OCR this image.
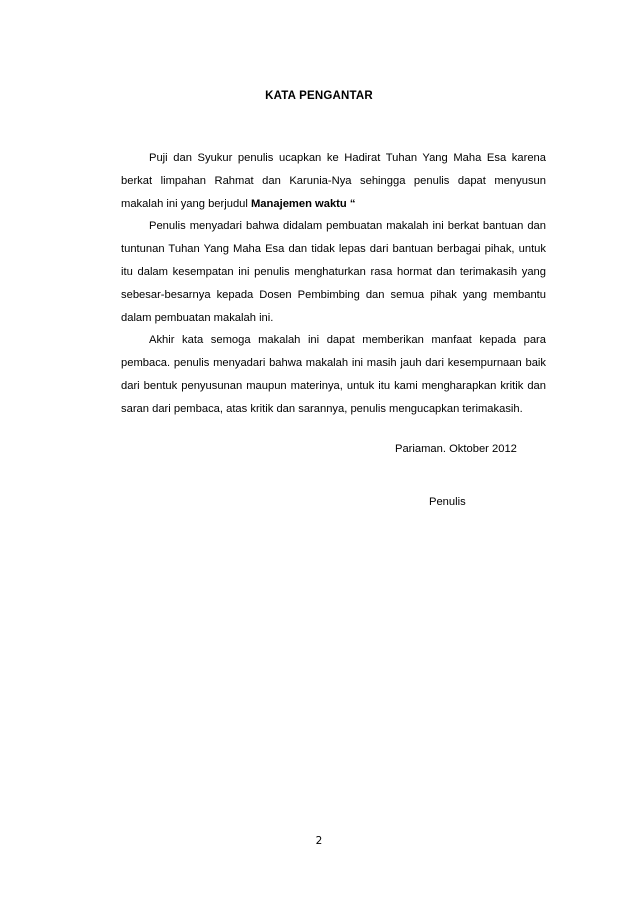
KATA PENGANTAR

Puji dan Syukur penulis ucapkan ke Hadirat Tuhan Yang Maha Esa karena berkat limpahan Rahmat dan Karunia-Nya sehingga penulis dapat menyusun makalah ini yang berjudul Manajemen waktu “

Penulis menyadari bahwa didalam pembuatan makalah ini berkat bantuan dan tuntunan Tuhan Yang Maha Esa dan tidak lepas dari bantuan berbagai pihak, untuk itu dalam kesempatan ini penulis menghaturkan rasa hormat dan terimakasih yang sebesar-besarnya kepada Dosen Pembimbing dan semua pihak yang membantu dalam pembuatan makalah ini.

Akhir kata semoga makalah ini dapat memberikan manfaat kepada para pembaca. penulis menyadari bahwa makalah ini masih jauh dari kesempurnaan baik dari bentuk penyusunan maupun materinya, untuk itu kami mengharapkan kritik dan saran dari pembaca, atas kritik dan sarannya, penulis mengucapkan terimakasih.

Pariaman. Oktober 2012
Penulis
2
